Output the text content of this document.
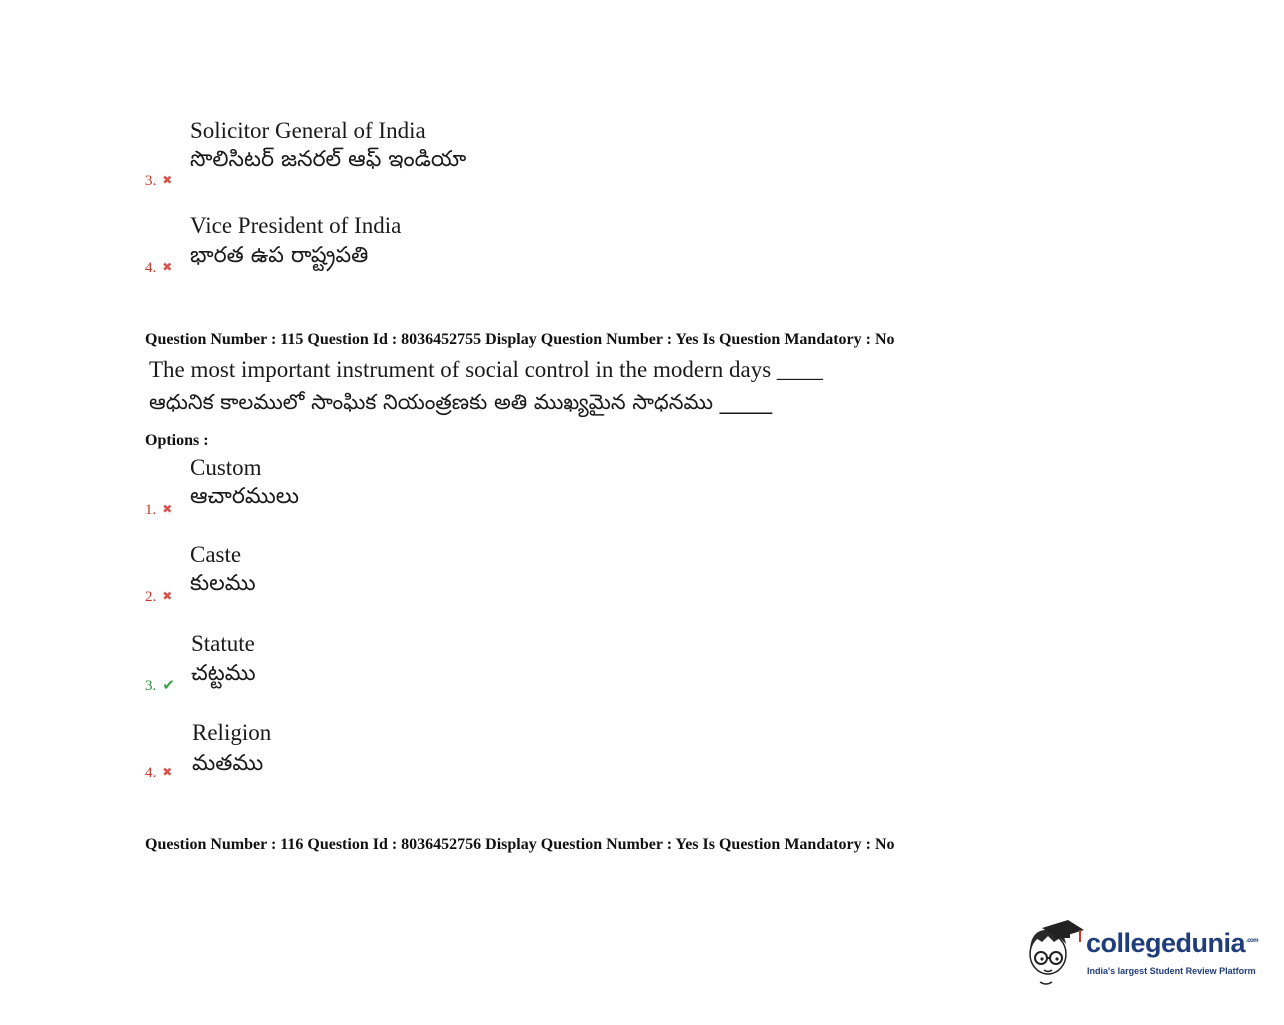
Solicitor General of India
సొలిసిటర్ జనరల్ ఆఫ్ ఇండియా
3. ✖
Vice President of India
భారత ఉప రాష్ట్రపతి
4. ✖
Question Number : 115 Question Id : 8036452755 Display Question Number : Yes Is Question Mandatory : No
The most important instrument of social control in the modern days ____
ఆధునిక కాలములో సాంఘిక నియంత్రణకు అతి ముఖ్యమైన సాధనము _____
Options :
Custom
ఆచారములు
1. ✖
Caste
కులము
2. ✖
Statute
చట్టము
3. ✔
Religion
మతము
4. ✖
Question Number : 116 Question Id : 8036452756 Display Question Number : Yes Is Question Mandatory : No
collegedunia$^{.com}$
India's largest Student Review Platform
